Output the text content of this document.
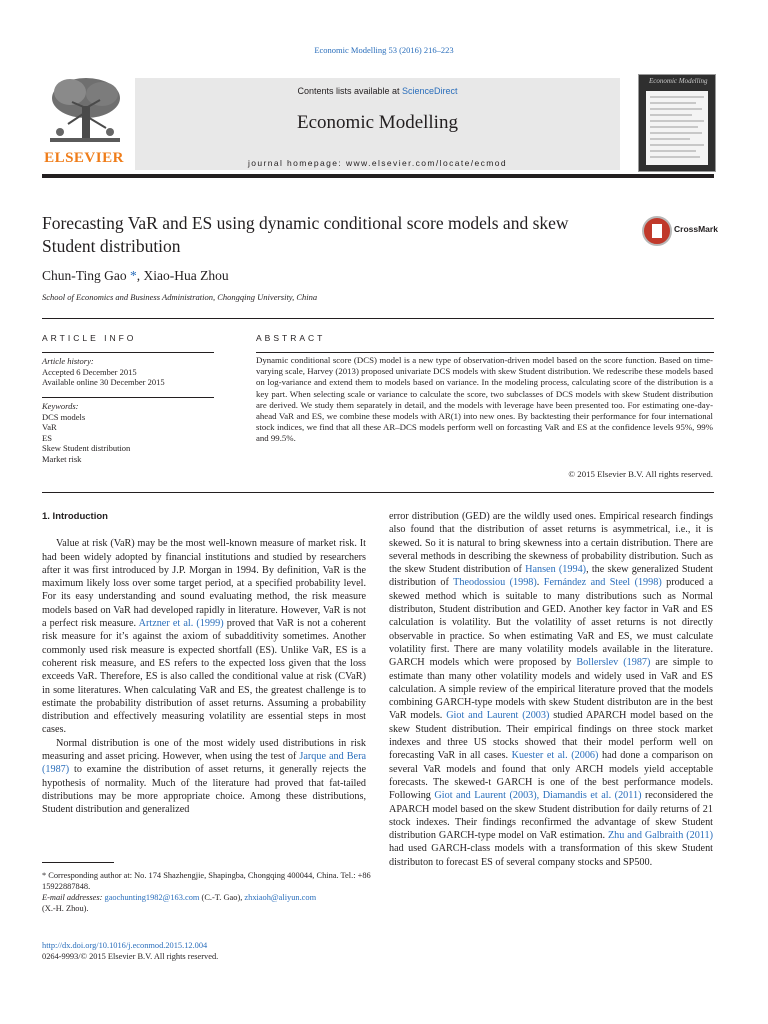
Economic Modelling 53 (2016) 216–223
ELSEVIER
Contents lists available at ScienceDirect
Economic Modelling
journal homepage: www.elsevier.com/locate/ecmod
Economic Modelling
Forecasting VaR and ES using dynamic conditional score models and skew Student distribution
CrossMark
Chun-Ting Gao *, Xiao-Hua Zhou
School of Economics and Business Administration, Chongqing University, China
ARTICLE INFO	ABSTRACT
Article history:
Accepted 6 December 2015
Available online 30 December 2015
Keywords:
DCS models
VaR
ES
Skew Student distribution
Market risk
Dynamic conditional score (DCS) model is a new type of observation-driven model based on the score function. Based on time-varying scale, Harvey (2013) proposed univariate DCS models with skew Student distribution. We redescribe these models based on log-variance and extend them to models based on variance. In the modeling process, calculating score of the distribution is a key part. When selecting scale or variance to calculate the score, two subclasses of DCS models with skew Student distribution are derived. We study them separately in detail, and the models with leverage have been presented too. For estimating one-day-ahead VaR and ES, we combine these models with AR(1) into new ones. By backtesting their performance for four international stock indices, we find that all these AR–DCS models perform well on forcasting VaR and ES at the confidence levels 95%, 99% and 99.5%.
© 2015 Elsevier B.V. All rights reserved.
1. Introduction

Value at risk (VaR) may be the most well-known measure of market risk. It had been widely adopted by financial institutions and studied by researchers after it was first introduced by J.P. Morgan in 1994. By definition, VaR is the maximum likely loss over some target period, at a specified probability level. For its easy understanding and sound evaluating method, the risk measure models based on VaR had developed rapidly in literature. However, VaR is not a perfect risk measure. Artzner et al. (1999) proved that VaR is not a coherent risk measure for it’s against the axiom of subadditivity sometimes. Another commonly used risk measure is expected shortfall (ES). Unlike VaR, ES is a coherent risk measure, and ES refers to the expected loss given that the loss exceeds VaR. Therefore, ES is also called the conditional value at risk (CVaR) in some literatures. When calculating VaR and ES, the greatest challenge is to estimate the probability distribution of asset returns. Assuming a probability distribution and effectively measuring volatility are essential steps in most cases.

Normal distribution is one of the most widely used distributions in risk measuring and asset pricing. However, when using the test of Jarque and Bera (1987) to examine the distribution of asset returns, it generally rejects the hypothesis of normality. Much of the literature had proved that fat-tailed distributions may be more appropriate choice. Among these distributions, Student distribution and generalized

error distribution (GED) are the wildly used ones. Empirical research findings also found that the distribution of asset returns is asymmetrical, i.e., it is skewed. So it is natural to bring skewness into a certain distribution. There are several methods in describing the skewness of probability distribution. Such as the skew Student distribution of Hansen (1994), the skew generalized Student distribution of Theodossiou (1998). Fernández and Steel (1998) produced a skewed method which is suitable to many distributions such as Normal distributon, Student distribution and GED. Another key factor in VaR and ES calculation is volatility. But the volatility of asset returns is not directly observable in practice. So when estimating VaR and ES, we must calculate volatility first. There are many volatility models available in the literature. GARCH models which were proposed by Bollerslev (1987) are simple to estimate than many other volatility models and widely used in VaR and ES calculation. A simple review of the empirical literature proved that the models combining GARCH-type models with skew Student distributon are in the best VaR models. Giot and Laurent (2003) studied APARCH model based on the skew Student distribution. Their empirical findings on three stock market indexes and three US stocks showed that their model perform well on forecasting VaR in all cases. Kuester et al. (2006) had done a comparison on several VaR models and found that only ARCH models yield acceptable forecasts. The skewed-t GARCH is one of the best performance models. Following Giot and Laurent (2003), Diamandis et al. (2011) reconsidered the APARCH model based on the skew Student distribution for daily returns of 21 stock indexes. Their findings reconfirmed the advantage of skew Student distribution GARCH-type model on VaR estimation. Zhu and Galbraith (2011) had used GARCH-class models with a transformation of this skew Student distributon to forecast ES of several company stocks and SP500.

* Corresponding author at: No. 174 Shazhengjie, Shapingba, Chongqing 400044, China. Tel.: +86 15922887848.
E-mail addresses: gaochunting1982@163.com (C.-T. Gao), zhxiaoh@aliyun.com
(X.-H. Zhou).
http://dx.doi.org/10.1016/j.econmod.2015.12.004
0264-9993/© 2015 Elsevier B.V. All rights reserved.
